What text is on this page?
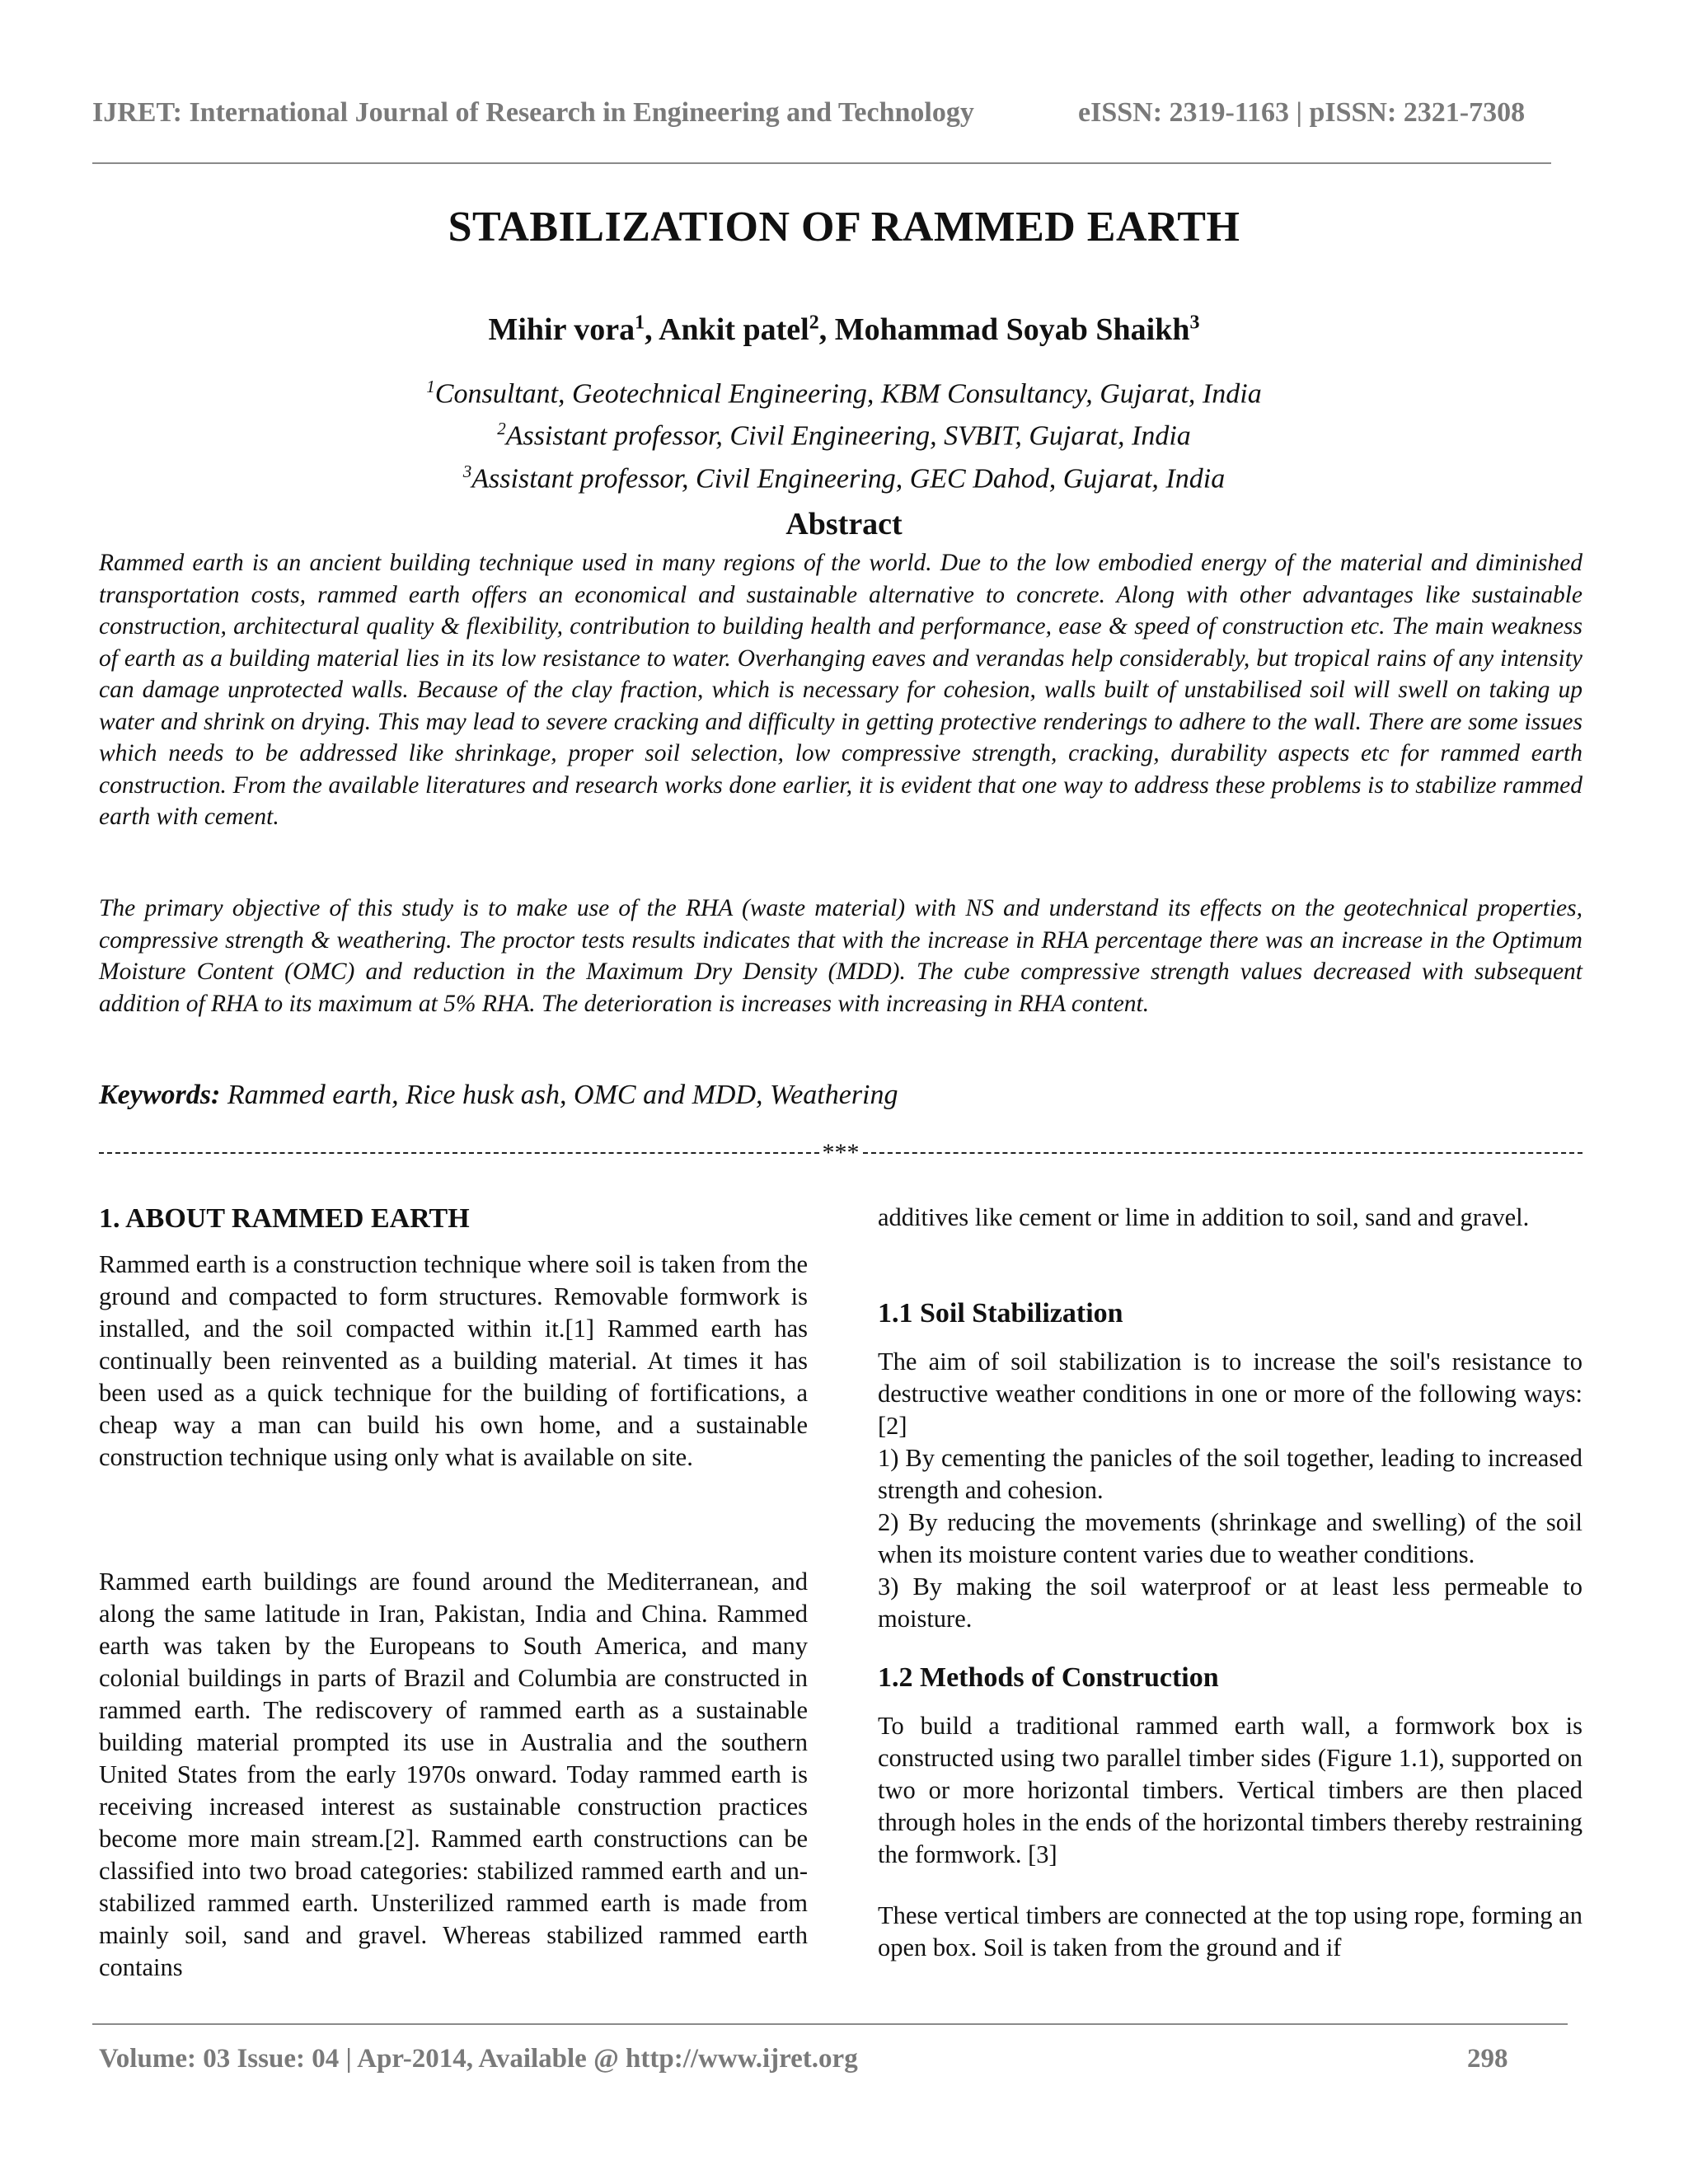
IJRET: International Journal of Research in Engineering and Technology	eISSN: 2319-1163 | pISSN: 2321-7308
STABILIZATION OF RAMMED EARTH
Mihir vora$^1$, Ankit patel$^2$, Mohammad Soyab Shaikh$^3$
$^1$Consultant, Geotechnical Engineering, KBM Consultancy, Gujarat, India
$^2$Assistant professor, Civil Engineering, SVBIT, Gujarat, India
$^3$Assistant professor, Civil Engineering, GEC Dahod, Gujarat, India
Abstract

Rammed earth is an ancient building technique used in many regions of the world. Due to the low embodied energy of the material and diminished transportation costs, rammed earth offers an economical and sustainable alternative to concrete. Along with other advantages like sustainable construction, architectural quality & flexibility, contribution to building health and performance, ease & speed of construction etc. The main weakness of earth as a building material lies in its low resistance to water. Overhanging eaves and verandas help considerably, but tropical rains of any intensity can damage unprotected walls. Because of the clay fraction, which is necessary for cohesion, walls built of unstabilised soil will swell on taking up water and shrink on drying. This may lead to severe cracking and difficulty in getting protective renderings to adhere to the wall. There are some issues which needs to be addressed like shrinkage, proper soil selection, low compressive strength, cracking, durability aspects etc for rammed earth construction. From the available literatures and research works done earlier, it is evident that one way to address these problems is to stabilize rammed earth with cement.

The primary objective of this study is to make use of the RHA (waste material) with NS and understand its effects on the geotechnical properties, compressive strength & weathering. The proctor tests results indicates that with the increase in RHA percentage there was an increase in the Optimum Moisture Content (OMC) and reduction in the Maximum Dry Density (MDD). The cube compressive strength values decreased with subsequent addition of RHA to its maximum at 5% RHA. The deterioration is increases with increasing in RHA content.

Keywords: Rammed earth, Rice husk ash, OMC and MDD, Weathering
***
1. ABOUT RAMMED EARTH

Rammed earth is a construction technique where soil is taken from the ground and compacted to form structures. Removable formwork is installed, and the soil compacted within it.[1] Rammed earth has continually been reinvented as a building material. At times it has been used as a quick technique for the building of fortifications, a cheap way a man can build his own home, and a sustainable construction technique using only what is available on site.

Rammed earth buildings are found around the Mediterranean, and along the same latitude in Iran, Pakistan, India and China. Rammed earth was taken by the Europeans to South America, and many colonial buildings in parts of Brazil and Columbia are constructed in rammed earth. The rediscovery of rammed earth as a sustainable building material prompted its use in Australia and the southern United States from the early 1970s onward. Today rammed earth is receiving increased interest as sustainable construction practices become more main stream.[2]. Rammed earth constructions can be classified into two broad categories: stabilized rammed earth and un-stabilized rammed earth. Unsterilized rammed earth is made from mainly soil, sand and gravel. Whereas stabilized rammed earth contains

additives like cement or lime in addition to soil, sand and gravel.

1.1 Soil Stabilization
The aim of soil stabilization is to increase the soil's resistance to destructive weather conditions in one or more of the following ways: [2]
1) By cementing the panicles of the soil together, leading to increased strength and cohesion.
2) By reducing the movements (shrinkage and swelling) of the soil when its moisture content varies due to weather conditions.
3) By making the soil waterproof or at least less permeable to moisture.
1.2 Methods of Construction

To build a traditional rammed earth wall, a formwork box is constructed using two parallel timber sides (Figure 1.1), supported on two or more horizontal timbers. Vertical timbers are then placed through holes in the ends of the horizontal timbers thereby restraining the formwork. [3]

These vertical timbers are connected at the top using rope, forming an open box. Soil is taken from the ground and if

Volume: 03 Issue: 04 | Apr-2014, Available @ http://www.ijret.org	298
